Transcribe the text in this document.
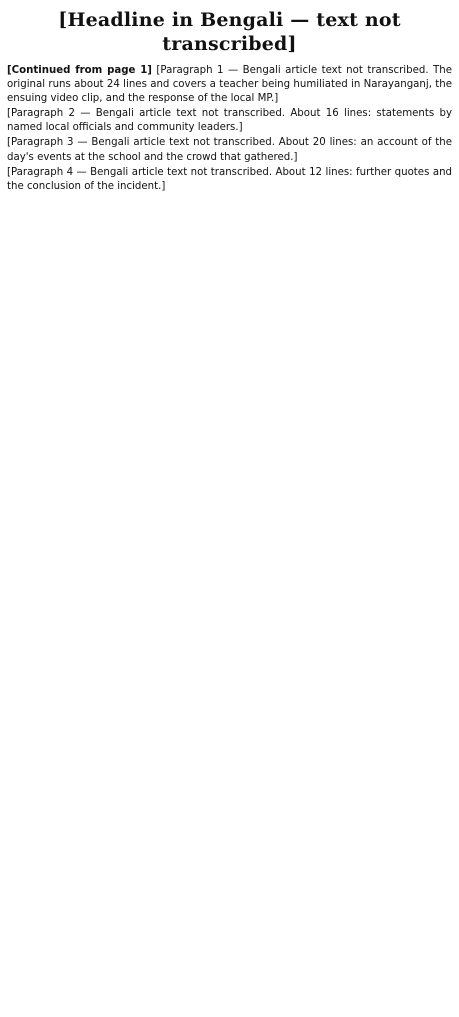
[Headline in Bengali — text not transcribed]

[Continued from page 1] [Paragraph 1 — Bengali article text not transcribed. The original runs about 24 lines and covers a teacher being humiliated in Narayanganj, the ensuing video clip, and the response of the local MP.]

[Paragraph 2 — Bengali article text not transcribed. About 16 lines: statements by named local officials and community leaders.]

[Paragraph 3 — Bengali article text not transcribed. About 20 lines: an account of the day's events at the school and the crowd that gathered.]

[Paragraph 4 — Bengali article text not transcribed. About 12 lines: further quotes and the conclusion of the incident.]
